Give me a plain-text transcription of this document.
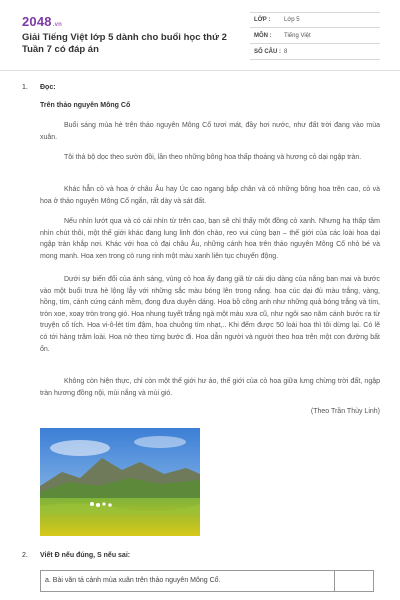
2048.vn
Giải Tiếng Việt lớp 5 dành cho buổi học thứ 2 Tuần 7 có đáp án
LỚP :	Lớp 5
MÔN :	Tiếng Việt
SỐ CÂU : 8
1. Đọc:
Trên thảo nguyên Mông Cổ

Buổi sáng mùa hè trên thảo nguyên Mông Cổ tươi mát, đầy hơi nước, như đất trời đang vào mùa xuân.

Tôi thả bộ dọc theo sườn đồi, lần theo những bông hoa thấp thoáng và hương cỏ dại ngập tràn.

Khác hẳn cỏ và hoa ở châu Âu hay Úc cao ngang bắp chân và cỏ những bông hoa trên cao, cỏ và hoa ở thảo nguyên Mông Cổ ngắn, rất dày và sát đất.

Nếu nhìn lướt qua và có cái nhìn từ trên cao, bạn sẽ chỉ thấy một đồng cỏ xanh. Nhưng hạ thấp tầm nhìn chút thôi, một thế giới khác đang lung linh đón chào, reo vui cùng bạn – thế giới của các loài hoa dại ngập tràn khắp nơi. Khác với hoa cỏ đại châu Âu, những cánh hoa trên thảo nguyên Mông Cổ nhỏ bé và mong manh. Hoa xen trong cỏ rung rinh một màu xanh liên tục chuyển động.

Dưới sự biến đổi của ánh sáng, vùng cỏ hoa ấy đang giã từ cái dịu dàng của nắng ban mai và bước vào một buổi trưa hè lộng lẫy với những sắc màu bóng lên trong nắng. hoa cúc dại đủ màu trắng, vàng, hồng, tím, cánh cứng cánh mềm, đong đưa duyên dáng. Hoa bồ công anh như những quả bóng trắng và tím, tròn xoe, xoay tròn trong gió. Hoa nhung tuyết trắng ngà một màu xưa cũ, như ngôi sao năm cánh bước ra từ truyện cổ tích. Hoa vi-ô-lét tím đậm, hoa chuông tím nhạt,.. Khi đếm được 50 loài hoa thì tôi dừng lại. Có lẽ có tới hàng trăm loài. Hoa nở theo từng bước đi. Hoa dẫn người và người theo hoa trên một con đường bất ổn.

Không còn hiện thực, chỉ còn một thế giới hư ảo, thế giới của cỏ hoa giữa lưng chừng trời đất, ngập tràn hương đồng nội, mùi nắng và mùi gió.

(Theo Trần Thùy Linh)
2. Viết Đ nếu đúng, S nếu sai:
a. Bài văn tả cảnh mùa xuân trên thảo nguyên Mông Cổ.
